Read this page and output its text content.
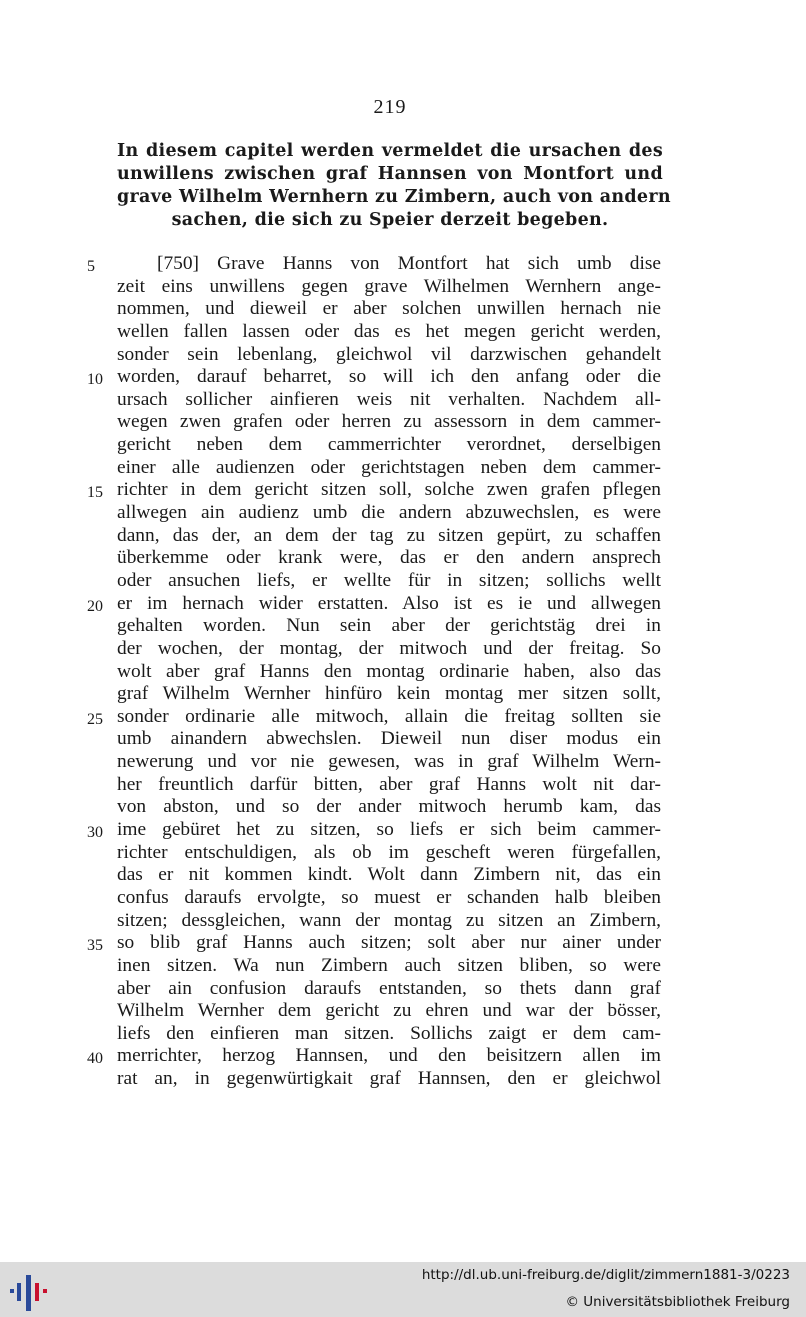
219
In diesem capitel werden vermeldet die ursachen des
unwillens zwischen graf Hannsen von Montfort und
grave Wilhelm Wernhern zu Zimbern, auch von andern
sachen, die sich zu Speier derzeit begeben.
5	[750] Grave Hanns von Montfort hat sich umb dise
zeit eins unwillens gegen grave Wilhelmen Wernhern ange-
nommen, und dieweil er aber solchen unwillen hernach nie
wellen fallen lassen oder das es het megen gericht werden,
sonder sein lebenlang, gleichwol vil darzwischen gehandelt
10 worden, darauf beharret, so will ich den anfang oder die
ursach sollicher ainfieren weis nit verhalten. Nachdem all-
wegen zwen grafen oder herren zu assessorn in dem cammer-
gericht neben dem cammerrichter verordnet, derselbigen
einer alle audienzen oder gerichtstagen neben dem cammer-
15 richter in dem gericht sitzen soll, solche zwen grafen pflegen
allwegen ain audienz umb die andern abzuwechslen, es were
dann, das der, an dem der tag zu sitzen gepürt, zu schaffen
überkemme oder krank were, das er den andern ansprech
oder ansuchen liefs, er wellte für in sitzen; sollichs wellt
20 er im hernach wider erstatten. Also ist es ie und allwegen
gehalten worden. Nun sein aber der gerichtstäg drei in
der wochen, der montag, der mitwoch und der freitag. So
wolt aber graf Hanns den montag ordinarie haben, also das
graf Wilhelm Wernher hinfüro kein montag mer sitzen sollt,
25 sonder ordinarie alle mitwoch, allain die freitag sollten sie
umb ainandern abwechslen. Dieweil nun diser modus ein
newerung und vor nie gewesen, was in graf Wilhelm Wern-
her freuntlich darfür bitten, aber graf Hanns wolt nit dar-
von abston, und so der ander mitwoch herumb kam, das
30 ime gebüret het zu sitzen, so liefs er sich beim cammer-
richter entschuldigen, als ob im gescheft weren fürgefallen,
das er nit kommen kindt. Wolt dann Zimbern nit, das ein
confus daraufs ervolgte, so muest er schanden halb bleiben
sitzen; dessgleichen, wann der montag zu sitzen an Zimbern,
35 so blib graf Hanns auch sitzen; solt aber nur ainer under
inen sitzen. Wa nun Zimbern auch sitzen bliben, so were
aber ain confusion daraufs entstanden, so thets dann graf
Wilhelm Wernher dem gericht zu ehren und war der bösser,
liefs den einfieren man sitzen. Sollichs zaigt er dem cam-
40 merrichter, herzog Hannsen, und den beisitzern allen im
rat an, in gegenwürtigkait graf Hannsen, den er gleichwol
http://dl.ub.uni-freiburg.de/diglit/zimmern1881-3/0223
© Universitätsbibliothek Freiburg
